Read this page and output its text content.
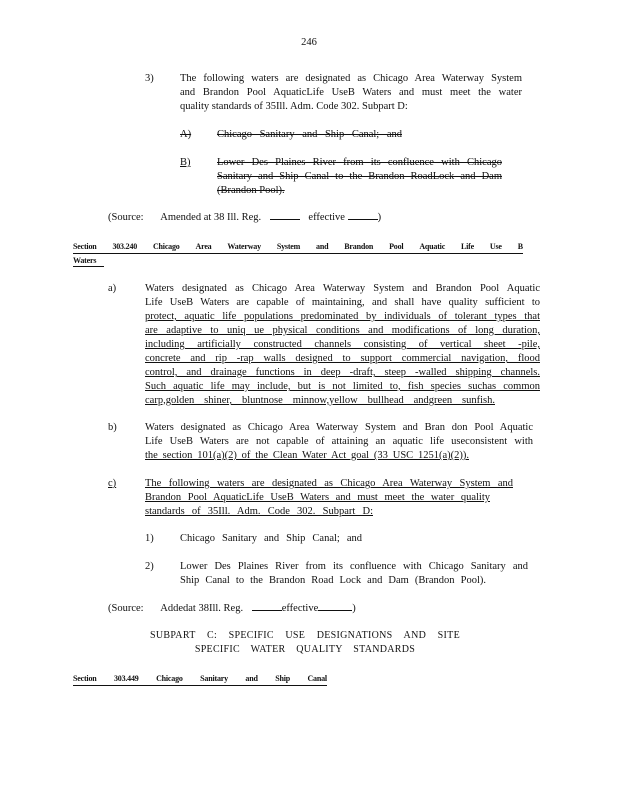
246
3)	The following waters are designated as Chicago Area Waterway System
and Brandon Pool AquaticLife UseB Waters and must meet the water
quality standards of 35Ill. Adm. Code 302. Subpart D:
A) Chicago Sanitary and Ship Canal; and
B)	Lower Des Plaines River from its confluence with Chicago
Sanitary and Ship Canal to the Brandon RoadLock and Dam
(Brandon Pool).
(Source: Amended at 38 Ill. Reg.	effective	)
Section 303.240 Chicago Area Waterway System and Brandon Pool Aquatic Life Use B
Waters
a)	Waters designated as Chicago Area Waterway System and Brandon Pool Aquatic
Life UseB Waters are capable of maintaining, and shall have quality sufficient to
protect, aquatic life populations predominated by individuals of tolerant types that
are adaptive to uniq ue physical conditions and modifications of long duration,
including artificially constructed channels consisting of vertical sheet -pile,
concrete and rip -rap walls designed to support commercial navigation, flood
control, and drainage functions in deep -draft, steep -walled shipping channels.
Such aquatic life may include, but is not limited to, fish species suchas common
carp,golden shiner, bluntnose minnow,yellow bullhead andgreen sunfish.
b)	Waters designated as Chicago Area Waterway System and Bran don Pool Aquatic
Life UseB Waters are not capable of attaining an aquatic life useconsistent with
the section 101(a)(2) of the Clean Water Act goal (33 USC 1251(a)(2)).
c)	The following waters are designated as Chicago Area Waterway System and
Brandon Pool AquaticLife UseB Waters and must meet the water quality
standards of 35Ill. Adm. Code 302. Subpart D:
1)	Chicago Sanitary and Ship Canal; and
2)	Lower Des Plaines River from its confluence with Chicago Sanitary and
Ship Canal to the Brandon Road Lock and Dam (Brandon Pool).
(Source: Addedat 38Ill. Reg.	effective	)
SUBPART C: SPECIFIC USE DESIGNATIONS AND SITE
SPECIFIC WATER QUALITY STANDARDS
Section 303.449 Chicago Sanitary and Ship Canal
